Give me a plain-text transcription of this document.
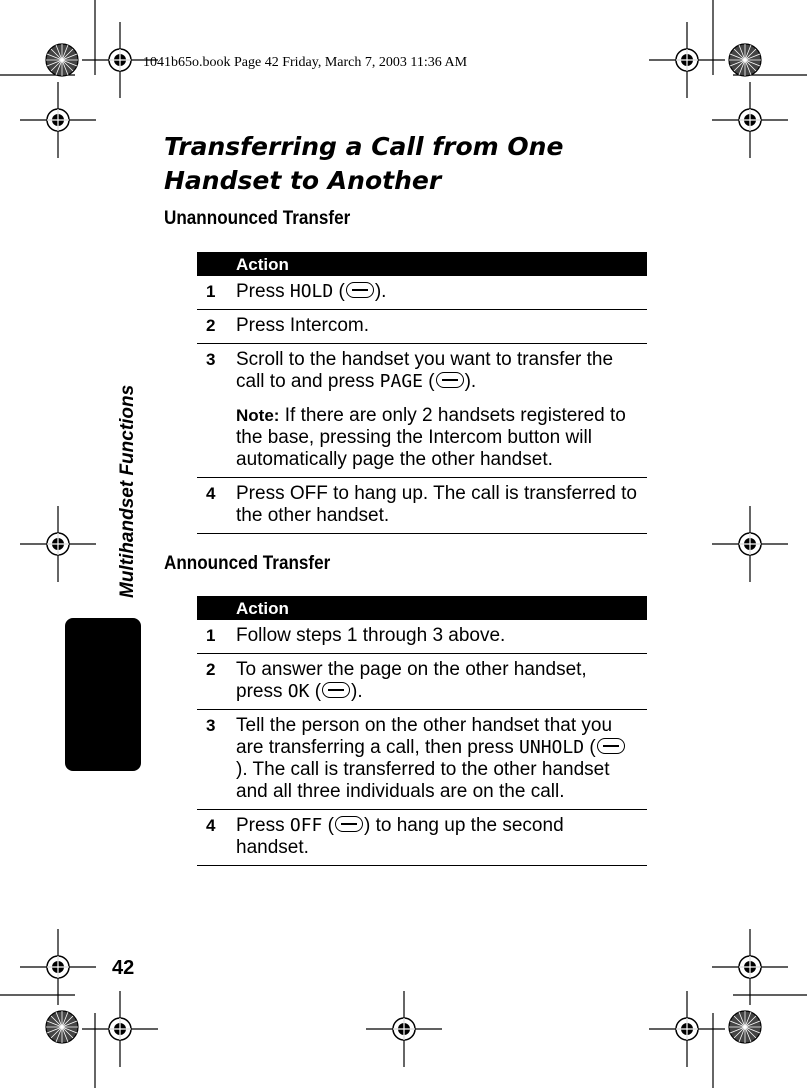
1041b65o.book Page 42 Friday, March 7, 2003 11:36 AM
Multihandset Functions
Transferring a Call from One
Handset to Another
Unannounced Transfer
Action
1 Press HOLD ( ).
2 Press Intercom.
3 Scroll to the handset you want to transfer the call to and press PAGE ( ).
Note: If there are only 2 handsets registered to the base, pressing the Intercom button will automatically page the other handset.
4 Press OFF to hang up. The call is transferred to the other handset.
Announced Transfer
Action
1 Follow steps 1 through 3 above.
2 To answer the page on the other handset, press OK ( ).
3 Tell the person on the other handset that you are transferring a call, then press UNHOLD (). The call is transferred to the other handset and all three individuals are on the call.
4 Press OFF ( ) to hang up the second handset.
42
